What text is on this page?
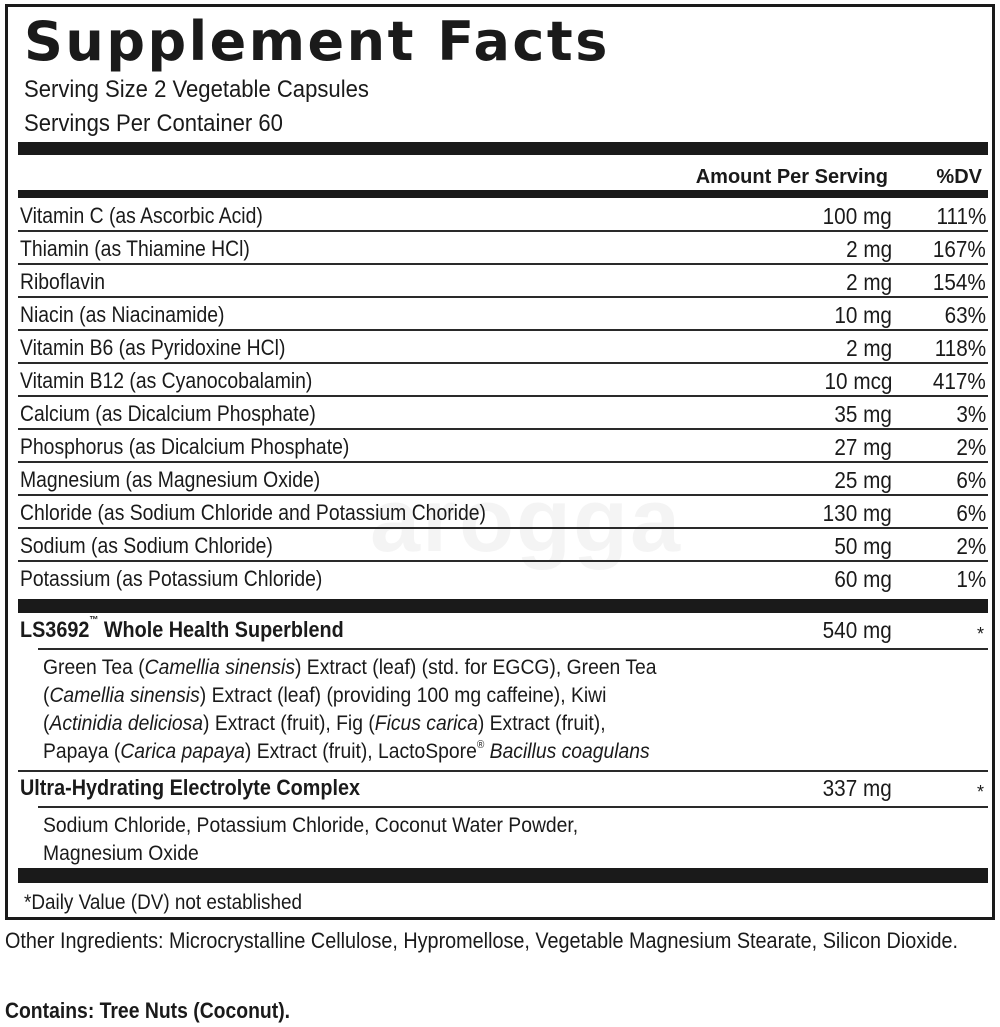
Supplement Facts
Serving Size 2 Vegetable Capsules
Servings Per Container 60
Amount Per Serving %DV
Vitamin C (as Ascorbic Acid)	100 mg 111%
Thiamin (as Thiamine HCl)	2 mg 167%
Riboflavin	2 mg 154%
Niacin (as Niacinamide)	10 mg 63%
Vitamin B6 (as Pyridoxine HCl)	2 mg 118%
Vitamin B12 (as Cyanocobalamin)	10 mcg 417%
Calcium (as Dicalcium Phosphate)	35 mg	3%
Phosphorus (as Dicalcium Phosphate)	27 mg	2%
Magnesium (as Magnesium Oxide)	25 mg	6%
Chloride (as Sodium Chloride and Potassium Choride)	130 mg	6%
Sodium (as Sodium Chloride)	50 mg	2%
Potassium (as Potassium Chloride)	60 mg	1%
LS3692™ Whole Health Superblend	540 mg	*
Green Tea (Camellia sinensis) Extract (leaf) (std. for EGCG), Green Tea
(Camellia sinensis) Extract (leaf) (providing 100 mg caffeine), Kiwi
(Actinidia deliciosa) Extract (fruit), Fig (Ficus carica) Extract (fruit),
Papaya (Carica papaya) Extract (fruit), LactoSpore® Bacillus coagulans
Ultra-Hydrating Electrolyte Complex	337 mg	*
Sodium Chloride, Potassium Chloride, Coconut Water Powder,
Magnesium Oxide
*Daily Value (DV) not established
Other Ingredients: Microcrystalline Cellulose, Hypromellose, Vegetable Magnesium Stearate, Silicon Dioxide.
Contains: Tree Nuts (Coconut).
